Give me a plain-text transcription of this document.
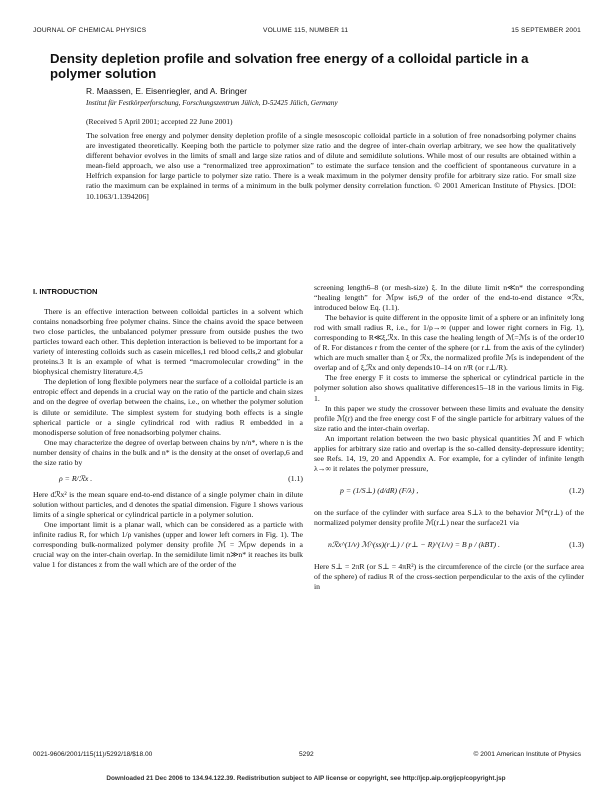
JOURNAL OF CHEMICAL PHYSICS	VOLUME 115, NUMBER 11	15 SEPTEMBER 2001
Density depletion profile and solvation free energy of a colloidal particle in a polymer solution
R. Maassen, E. Eisenriegler, and A. Bringer
Institut für Festkörperforschung, Forschungszentrum Jülich, D-52425 Jülich, Germany
(Received 5 April 2001; accepted 22 June 2001)

The solvation free energy and polymer density depletion profile of a single mesoscopic colloidal particle in a solution of free nonadsorbing polymer chains are investigated theoretically. Keeping both the particle to polymer size ratio and the degree of inter-chain overlap arbitrary, we see how the qualitatively different behavior evolves in the limits of small and large size ratios and of dilute and semidilute solutions. While most of our results are obtained within a mean-field approach, we also use a “renormalized tree approximation” to estimate the surface tension and the coefficient of spontaneous curvature in a Helfrich expansion for large particle to polymer size ratio. There is a weak maximum in the polymer density profile for arbitrary size ratio. For small size ratio the maximum can be explained in terms of a minimum in the bulk polymer density correlation function. © 2001 American Institute of Physics. [DOI: 10.1063/1.1394206]

I. INTRODUCTION

There is an effective interaction between colloidal particles in a solvent which contains nonadsorbing free polymer chains. Since the chains avoid the space between two close particles, the unbalanced polymer pressure from outside pushes the two particles toward each other. This depletion interaction is believed to be important for a variety of interesting colloids such as casein micelles,1 red blood cells,2 and globular proteins.3 It is an example of what is termed “macromolecular crowding” in the biophysical chemistry literature.4,5

The depletion of long flexible polymers near the surface of a colloidal particle is an entropic effect and depends in a crucial way on the ratio of the particle and chain sizes and on the degree of overlap between the chains, i.e., on whether the polymer solution is dilute or semidilute. The simplest system for studying both effects is a single spherical particle or a single cylindrical rod with radius R embedded in a monodisperse solution of free nonadsorbing polymer chains.

One may characterize the degree of overlap between chains by n/n*, where n is the number density of chains in the bulk and n* is the density at the onset of overlap,6 and the size ratio by

ρ = R/ℛx .	(1.1)

Here dℛx² is the mean square end-to-end distance of a single polymer chain in dilute solution without particles, and d denotes the spatial dimension. Figure 1 shows various limits of a single spherical or cylindrical particle in a polymer solution.

One important limit is a planar wall, which can be considered as a particle with infinite radius R, for which 1/ρ vanishes (upper and lower left corners in Fig. 1). The corresponding bulk-normalized polymer density profile ℳ = ℳpw depends in a crucial way on the inter-chain overlap. In the semidilute limit n≫n* it reaches its bulk value 1 for distances z from the wall which are of the order of the

screening length6–8 (or mesh-size) ξ. In the dilute limit n≪n* the corresponding “healing length” for ℳpw is6,9 of the order of the end-to-end distance ∝ℛx, introduced below Eq. (1.1).

The behavior is quite different in the opposite limit of a sphere or an infinitely long rod with small radius R, i.e., for 1/ρ→∞ (upper and lower right corners in Fig. 1), corresponding to R≪ξ,ℛx. In this case the healing length of ℳ=ℳs is of the order10 of R. For distances r from the center of the sphere (or r⊥ from the axis of the cylinder) which are much smaller than ξ or ℛx, the normalized profile ℳs is independent of the overlap and of ξ,ℛx and only depends10–14 on r/R (or r⊥/R).

The free energy F it costs to immerse the spherical or cylindrical particle in the polymer solution also shows qualitative differences15–18 in the various limits in Fig. 1.

In this paper we study the crossover between these limits and evaluate the density profile ℳ(r) and the free energy cost F of the single particle for arbitrary values of the size ratio and the inter-chain overlap.

An important relation between the two basic physical quantities ℳ and F which applies for arbitrary size ratio and overlap is the so-called density-depressure identity; see Refs. 14, 19, 20 and Appendix A. For example, for a cylinder of infinite length λ→∞ it relates the polymer pressure,

p = (1/S⊥) (d/dR) (F/λ) ,	(1.2)

on the surface of the cylinder with surface area S⊥λ to the behavior ℳ*(r⊥) of the normalized polymer density profile ℳ(r⊥) near the surface21 via

nℛx^(1/ν) ℳ^(ss)(r⊥) / (r⊥ − R)^(1/ν) = B p / (kBT) .	(1.3)

Here S⊥ = 2πR (or S⊥ = 4πR²) is the circumference of the circle (or the surface area of the sphere) of radius R of the cross-section perpendicular to the axis of the cylinder in

0021-9606/2001/115(11)/5292/18/$18.00	5292	© 2001 American Institute of Physics
Downloaded 21 Dec 2006 to 134.94.122.39. Redistribution subject to AIP license or copyright, see http://jcp.aip.org/jcp/copyright.jsp
